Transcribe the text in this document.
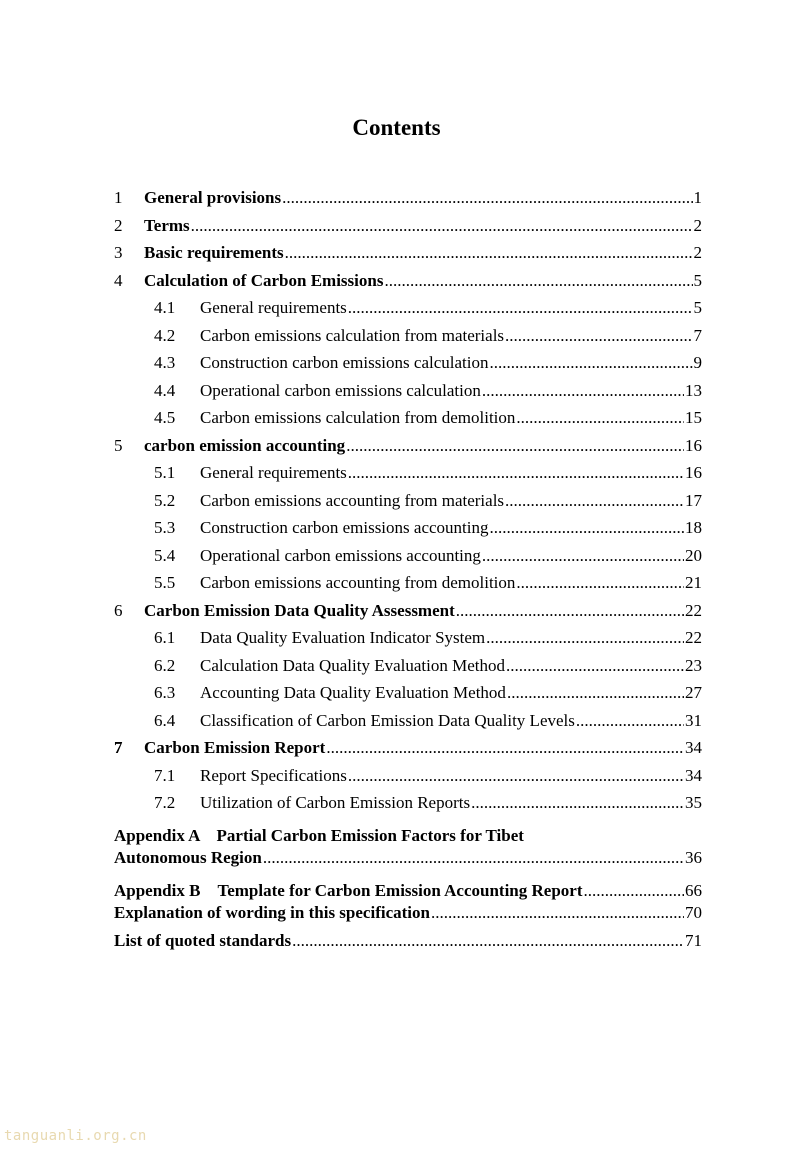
Contents
1	General provisions .....	1
2	Terms .....	2
3	Basic requirements .....	2
4	Calculation of Carbon Emissions .....	5
4.1	General requirements .....	5
4.2	Carbon emissions calculation from materials .....	7
4.3	Construction carbon emissions calculation .....	9
4.4	Operational carbon emissions calculation .....	13
4.5	Carbon emissions calculation from demolition .....	15
5	carbon emission accounting .....	16
5.1	General requirements .....	16
5.2	Carbon emissions accounting from materials .....	17
5.3	Construction carbon emissions accounting .....	18
5.4	Operational carbon emissions accounting .....	20
5.5	Carbon emissions accounting from demolition .....	21
6	Carbon Emission Data Quality Assessment .....	22
6.1	Data Quality Evaluation Indicator System .....	22
6.2	Calculation Data Quality Evaluation Method .....	23
6.3	Accounting Data Quality Evaluation Method .....	27
6.4	Classification of Carbon Emission Data Quality Levels .....	31
7	Carbon Emission Report .....	34
7.1	Report Specifications .....	34
7.2	Utilization of Carbon Emission Reports .....	35
Appendix A　Partial Carbon Emission Factors for Tibet
Autonomous Region .....	36
Appendix B　Template for Carbon Emission Accounting Report .....	66
Explanation of wording in this specification .....	70
List of quoted standards .....	71
tanguanli.org.cn
